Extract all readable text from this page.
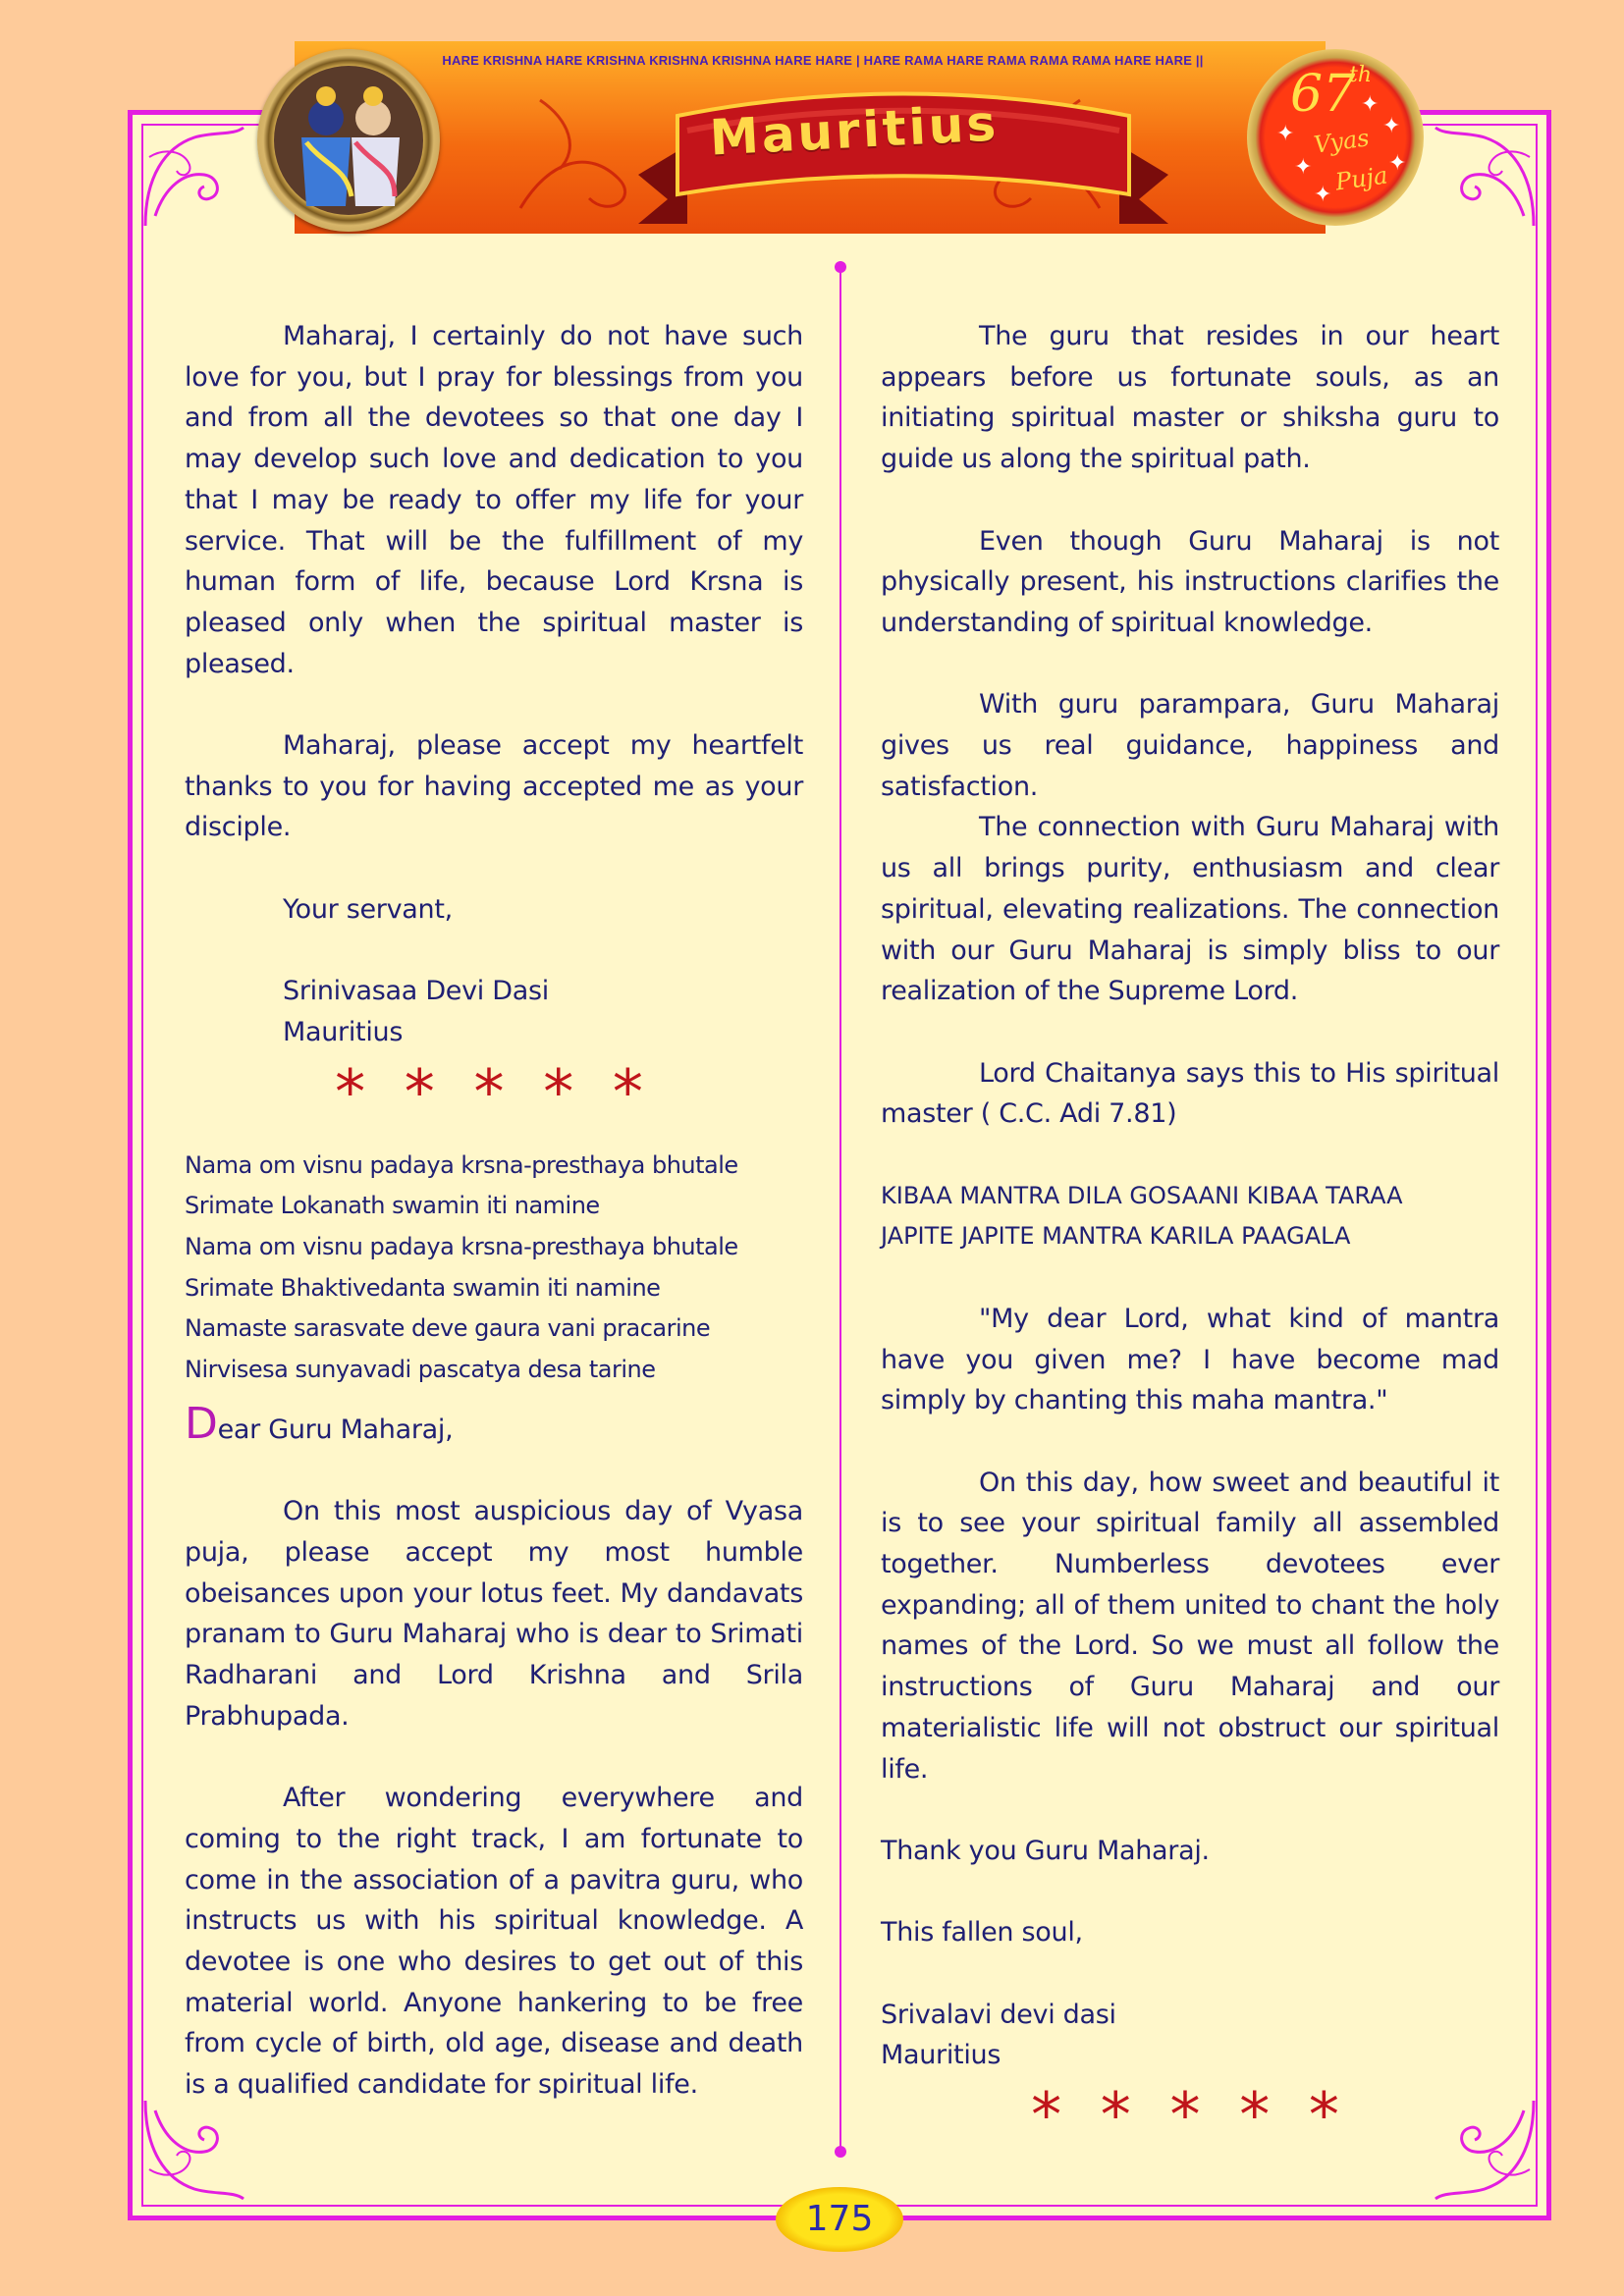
HARE KRISHNA HARE KRISHNA KRISHNA KRISHNA HARE HARE | HARE RAMA HARE RAMA RAMA RAMA HARE HARE ||
Mauritius
67
th
Vyas
Puja
✦
✦
✦
✦	✦
✦

Maharaj, I certainly do not have such love for you, but I pray for blessings from you and from all the devotees so that one day I may develop such love and dedication to you that I may be ready to offer my life for your service. That will be the fulfillment of my human form of life, because Lord Krsna is pleased only when the spiritual master is pleased.

Maharaj, please accept my heartfelt thanks to you for having accepted me as your disciple.

Your servant,

Srinivasaa Devi Dasi

Mauritius

* * * * *

Nama om visnu padaya krsna-presthaya bhutale

Srimate Lokanath swamin iti namine

Nama om visnu padaya krsna-presthaya bhutale

Srimate Bhaktivedanta swamin iti namine

Namaste sarasvate deve gaura vani pracarine

Nirvisesa sunyavadi pascatya desa tarine

Dear Guru Maharaj,

On this most auspicious day of Vyasa puja, please accept my most humble obeisances upon your lotus feet. My dandavats pranam to Guru Maharaj who is dear to Srimati Radharani and Lord Krishna and Srila Prabhupada.

After wondering everywhere and coming to the right track, I am fortunate to come in the association of a pavitra guru, who instructs us with his spiritual knowledge. A devotee is one who desires to get out of this material world. Anyone hankering to be free from cycle of birth, old age, disease and death is a qualified candidate for spiritual life.

The guru that resides in our heart appears before us fortunate souls, as an initiating spiritual master or shiksha guru to guide us along the spiritual path.

Even though Guru Maharaj is not physically present, his instructions clarifies the understanding of spiritual knowledge.

With guru parampara, Guru Maharaj gives us real guidance, happiness and satisfaction.

The connection with Guru Maharaj with us all brings purity, enthusiasm and clear spiritual, elevating realizations. The connection with our Guru Maharaj is simply bliss to our realization of the Supreme Lord.

Lord Chaitanya says this to His spiritual master ( C.C. Adi 7.81)

KIBAA MANTRA DILA GOSAANI KIBAA TARAA

JAPITE JAPITE MANTRA KARILA PAAGALA

"My dear Lord, what kind of mantra have you given me? I have become mad simply by chanting this maha mantra."

On this day, how sweet and beautiful it is to see your spiritual family all assembled together. Numberless devotees ever expanding; all of them united to chant the holy names of the Lord. So we must all follow the instructions of Guru Maharaj and our materialistic life will not obstruct our spiritual life.

Thank you Guru Maharaj.

This fallen soul,

Srivalavi devi dasi

Mauritius

* * * * *
175
